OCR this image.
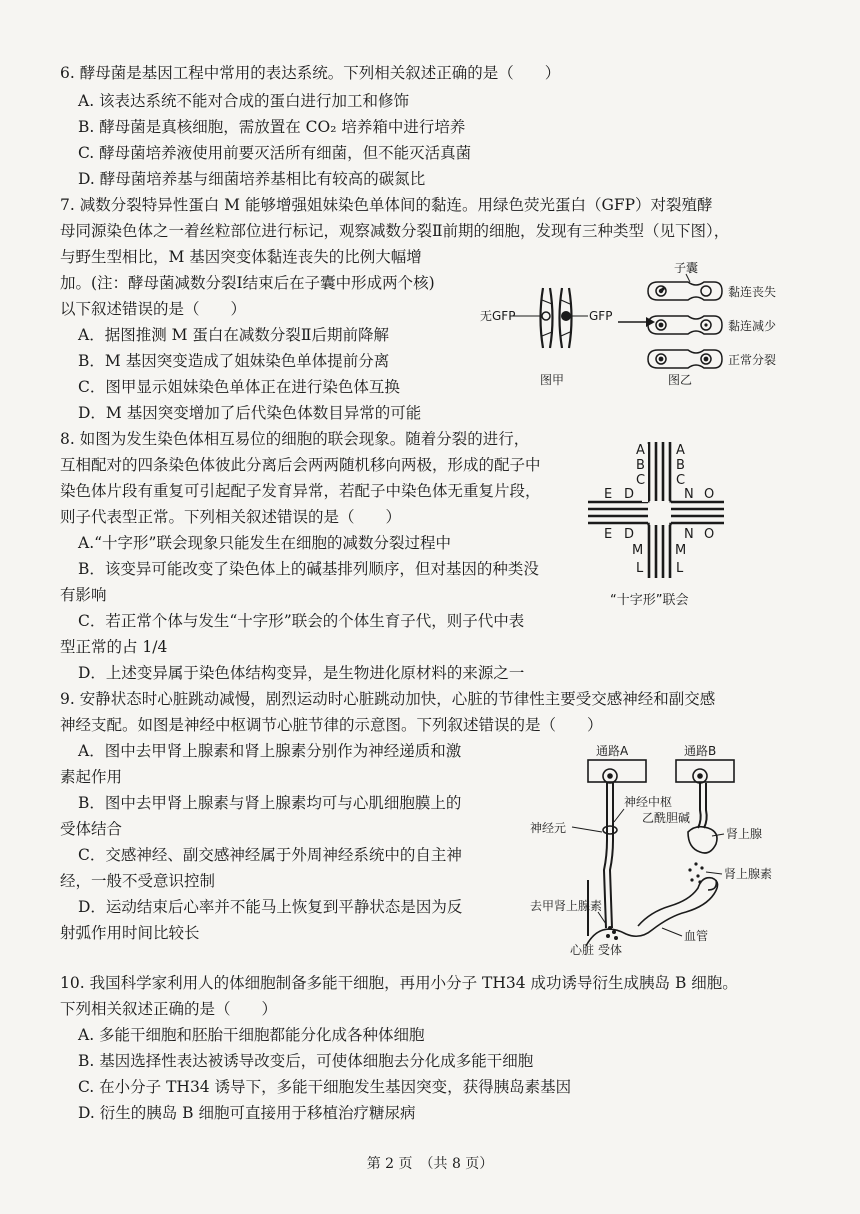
6. 酵母菌是基因工程中常用的表达系统。下列相关叙述正确的是（　　）
A. 该表达系统不能对合成的蛋白进行加工和修饰
B. 酵母菌是真核细胞，需放置在 CO₂ 培养箱中进行培养
C. 酵母菌培养液使用前要灭活所有细菌，但不能灭活真菌
D. 酵母菌培养基与细菌培养基相比有较高的碳氮比
7. 减数分裂特异性蛋白 M 能够增强姐妹染色单体间的黏连。用绿色荧光蛋白（GFP）对裂殖酵
母同源染色体之一着丝粒部位进行标记，观察减数分裂Ⅱ前期的细胞，发现有三种类型（见下图），
与野生型相比，M 基因突变体黏连丧失的比例大幅增
加。(注：酵母菌减数分裂Ⅰ结束后在子囊中形成两个核)
以下叙述错误的是（　　）
A．据图推测 M 蛋白在减数分裂Ⅱ后期前降解
B．M 基因突变造成了姐妹染色单体提前分离
C．图甲显示姐妹染色单体正在进行染色体互换
D．M 基因突变增加了后代染色体数目异常的可能
无GFP	GFP
子囊
黏连丧失
黏连减少
正常分裂
图甲	图乙
8. 如图为发生染色体相互易位的细胞的联会现象。随着分裂的进行，
互相配对的四条染色体彼此分离后会两两随机移向两极，形成的配子中
染色体片段有重复可引起配子发育异常，若配子中染色体无重复片段，
则子代表型正常。下列相关叙述错误的是（　　）
A.“十字形”联会现象只能发生在细胞的减数分裂过程中
B．该变异可能改变了染色体上的碱基排列顺序，但对基因的种类没
有影响
C．若正常个体与发生“十字形”联会的个体生育子代，则子代中表
型正常的占 1/4
D．上述变异属于染色体结构变异，是生物进化原材料的来源之一
A
B
C
A
B
C
E D
E D
N O
N O
M
L
M
L
“十字形”联会
9. 安静状态时心脏跳动减慢，剧烈运动时心脏跳动加快，心脏的节律性主要受交感神经和副交感
神经支配。如图是神经中枢调节心脏节律的示意图。下列叙述错误的是（　　）
A．图中去甲肾上腺素和肾上腺素分别作为神经递质和激
素起作用
B．图中去甲肾上腺素与肾上腺素均可与心肌细胞膜上的
受体结合
C．交感神经、副交感神经属于外周神经系统中的自主神
经，一般不受意识控制
D．运动结束后心率并不能马上恢复到平静状态是因为反
射弧作用时间比较长
通路A	通路B
神经中枢
乙酰胆碱
神经元	肾上腺
肾上腺素
去甲肾上腺素
血管
心脏 受体
10. 我国科学家利用人的体细胞制备多能干细胞，再用小分子 TH34 成功诱导衍生成胰岛 B 细胞。
下列相关叙述正确的是（　　）
A. 多能干细胞和胚胎干细胞都能分化成各种体细胞
B. 基因选择性表达被诱导改变后，可使体细胞去分化成多能干细胞
C. 在小分子 TH34 诱导下，多能干细胞发生基因突变，获得胰岛素基因
D. 衍生的胰岛 B 细胞可直接用于移植治疗糖尿病
第 2 页　（共 8 页）
